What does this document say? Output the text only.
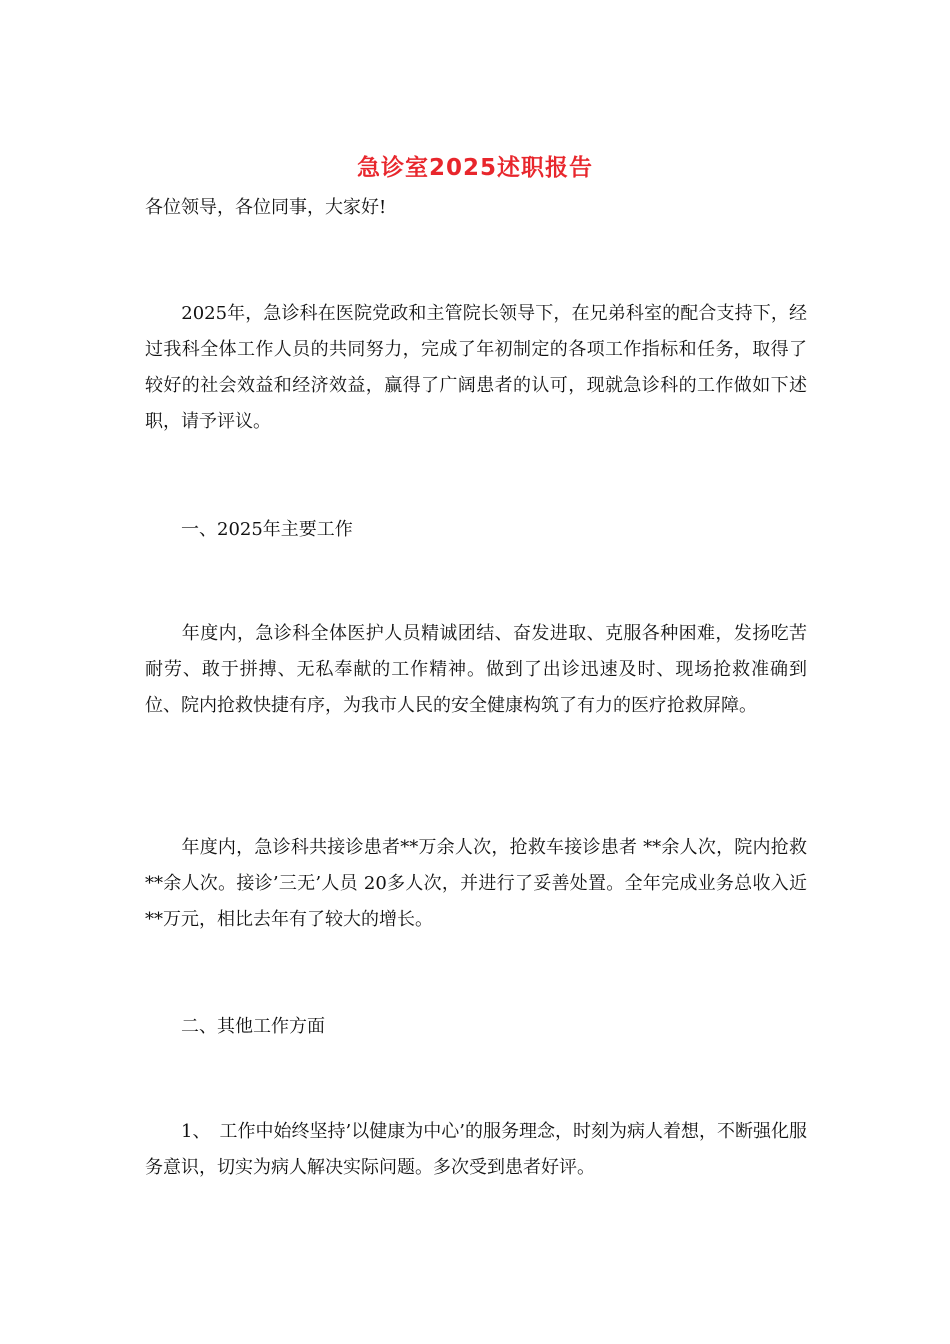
急诊室2025述职报告

各位领导，各位同事，大家好!

　　2025年，急诊科在医院党政和主管院长领导下，在兄弟科室的配合支持下，经过我科全体工作人员的共同努力，完成了年初制定的各项工作指标和任务，取得了较好的社会效益和经济效益，赢得了广阔患者的认可，现就急诊科的工作做如下述职，请予评议。

　　一、2025年主要工作

　　年度内，急诊科全体医护人员精诚团结、奋发进取、克服各种困难，发扬吃苦耐劳、敢于拼搏、无私奉献的工作精神。做到了出诊迅速及时、现场抢救准确到位、院内抢救快捷有序，为我市人民的安全健康构筑了有力的医疗抢救屏障。

　　年度内，急诊科共接诊患者**万余人次，抢救车接诊患者 **余人次，院内抢救 **余人次。接诊’三无’人员 20多人次，并进行了妥善处置。全年完成业务总收入近**万元，相比去年有了较大的增长。

　　二、其他工作方面

　　1、　工作中始终坚持’以健康为中心’的服务理念，时刻为病人着想，不断强化服务意识，切实为病人解决实际问题。多次受到患者好评。
